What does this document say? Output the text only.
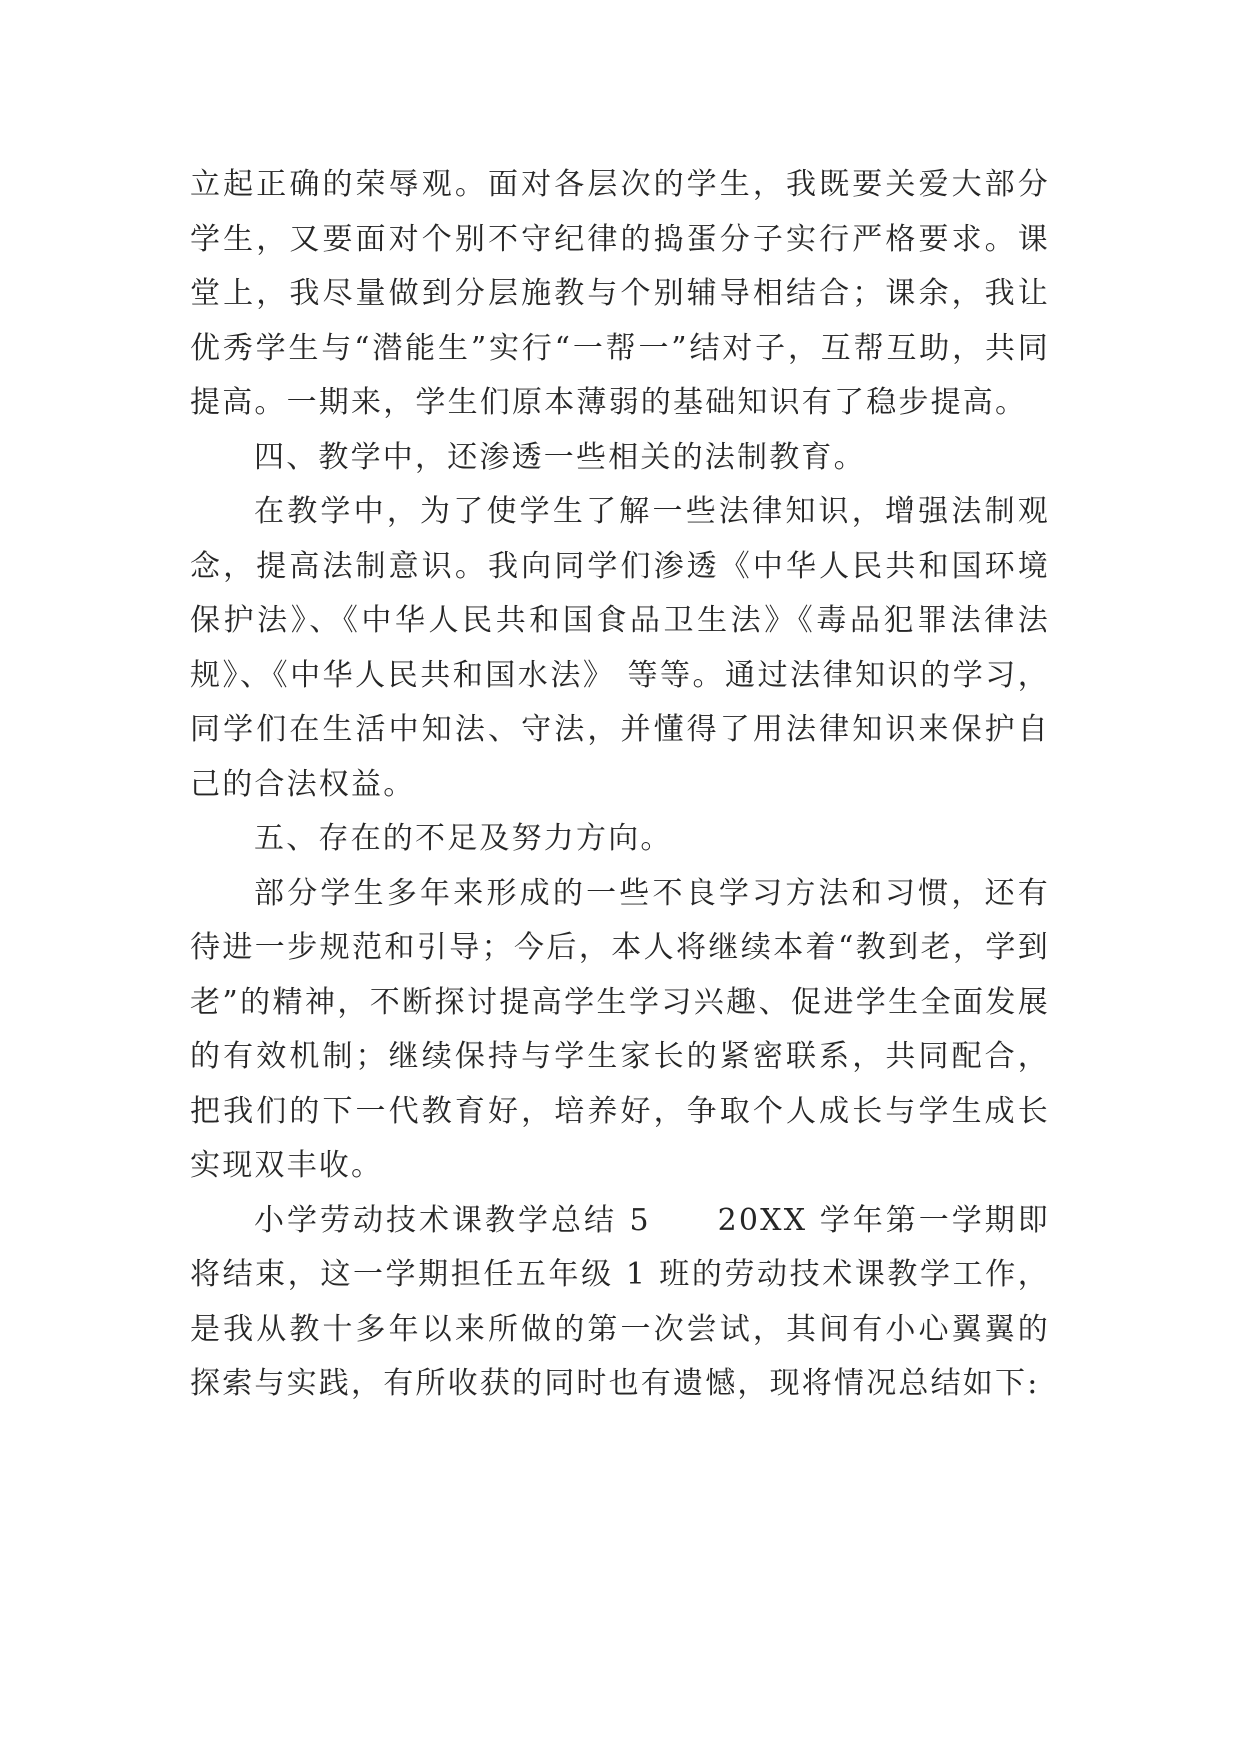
立起正确的荣辱观。面对各层次的学生，我既要关爱大部分学生，又要面对个别不守纪律的捣蛋分子实行严格要求。课堂上，我尽量做到分层施教与个别辅导相结合；课余，我让优秀学生与“潜能生”实行“一帮一”结对子，互帮互助，共同提高。一期来，学生们原本薄弱的基础知识有了稳步提高。

四、教学中，还渗透一些相关的法制教育。

在教学中，为了使学生了解一些法律知识，增强法制观念，提高法制意识。我向同学们渗透《中华人民共和国环境保护法》、《中华人民共和国食品卫生法》《毒品犯罪法律法规》、《中华人民共和国水法》 等等。通过法律知识的学习，同学们在生活中知法、守法，并懂得了用法律知识来保护自己的合法权益。

五、存在的不足及努力方向。

部分学生多年来形成的一些不良学习方法和习惯，还有待进一步规范和引导；今后，本人将继续本着“教到老，学到老”的精神，不断探讨提高学生学习兴趣、促进学生全面发展的有效机制；继续保持与学生家长的紧密联系，共同配合，把我们的下一代教育好，培养好，争取个人成长与学生成长实现双丰收。

小学劳动技术课教学总结 5　　20XX 学年第一学期即将结束，这一学期担任五年级 1 班的劳动技术课教学工作，是我从教十多年以来所做的第一次尝试，其间有小心翼翼的探索与实践，有所收获的同时也有遗憾，现将情况总结如下:
